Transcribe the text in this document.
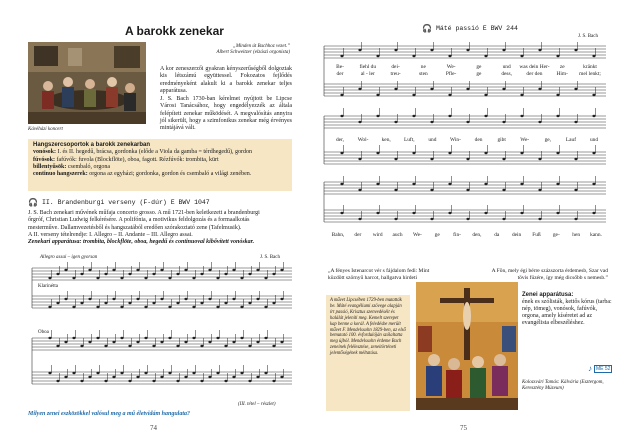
A barokk zenekar
Kávéházi koncert
„Minden út Bachhoz vezet.”
Albert Schweitzer (elzászi orgonista)
A kor zeneszerzői gyakran kényszerűségből dolgoztak kis létszámú együttessel. Fokozatos fejlődés eredményeként alakult ki a barokk zenekar teljes apparátusa.
J. S. Bach 1730-ban kérelmet nyújtott be Lipcse Városi Tanácsához, hogy engedélyezzék az általa felépített zenekar működését. A megvalósítás annyira jól sikerült, hogy a szimfonikus zenekar még érvényes mintájává vált.
Hangszercsoportok a barokk zenekarban
vonósok: I. és II. hegedű, brácsa, gordonka (előde a Viola da gamba = térdhegedű), gordon
fúvósok: fafúvók: fuvola (Blockflöte), oboa, fagott. Rézfúvók: trombita, kürt
billentyűsök: csembaló, orgona
continuo hangszerek: orgona az egyházi; gordonka, gordon és csembaló a világi zenében.
🎧 II. Brandenburgi verseny (F-dúr) E BWV 1047
J. S. Bach zenekari művének műfaja concerto grosso. A mű 1721-ben keletkezett a brandenburgi
őrgróf, Christian Ludwig felkérésére. A polifónia, a motivikus feldolgozás és a formaalkotás
mesterműve. Dallamvezetésből és hangszatából eredően szórakoztató zene (Tafelmusik).
A II. verseny tételrendje: I. Allegro – II. Andante – III. Allegro assai.
Zenekari apparátusa: trombita, blockflöte, oboa, hegedű és continuoval kibővített vonóskar.
Allegro assai – igen gyorsan	J. S. Bach
Klarinétta
Oboa
(III. tétel – részlet)
Milyen zenei eszközökkel valósul meg a mű életvidám hangulata?
74
🎧 Máté passió E BWV 244
J. S. Bach
Be-	fiehl du	dei-	ne	We-	ge	und was dein Her- ze	kränkt
der	al - ler	treu-	sten	Pfle-	ge	dess,	der den	Him- mel lenkt;
der,	Wol- ken, Luft,	und	Win-	den	gibt	We-	ge,	Lauf	und
Bahn, der wird auch We- ge fin- den, da dein Fuß ge- hen kann.
„A fényes Istenarcot vér s fájdalom fedi: Mint küzdött szörnyű harcot, hallgatva hirdeti
A Fõn, mely égi bérre százszorta érdemesb, Szar vad tövis füzére, így még dicsőbb s nemesb.”
A művet Lipcsében 1729-ben mutatták be. Máté evangéliumi szövege alapján írt passió, Krisztus szenvedéséit és halálát jeleníti meg. Kemelt szerepet kap benne a korál. A feledésbe merült művet F. Mendelssohn 1829-ben, az első bemutató 100. évfordulóján szólaltatta meg újból. Mendelssohn érdeme Bach zeneinek felélesztése, zeneitörténeti jelentőségének méltatása.
Zenei apparátusa:
ének es szólisták, kettős kórus (tarba: nép, tömeg), vonósok, fafúvók, orgona, amely kíséretet ad az evangélista elbeszéléshez.
♪ ME 52
Kolozsvári Tamás: Kálvária (Esztergom, Keresztény Múzeum)
75
